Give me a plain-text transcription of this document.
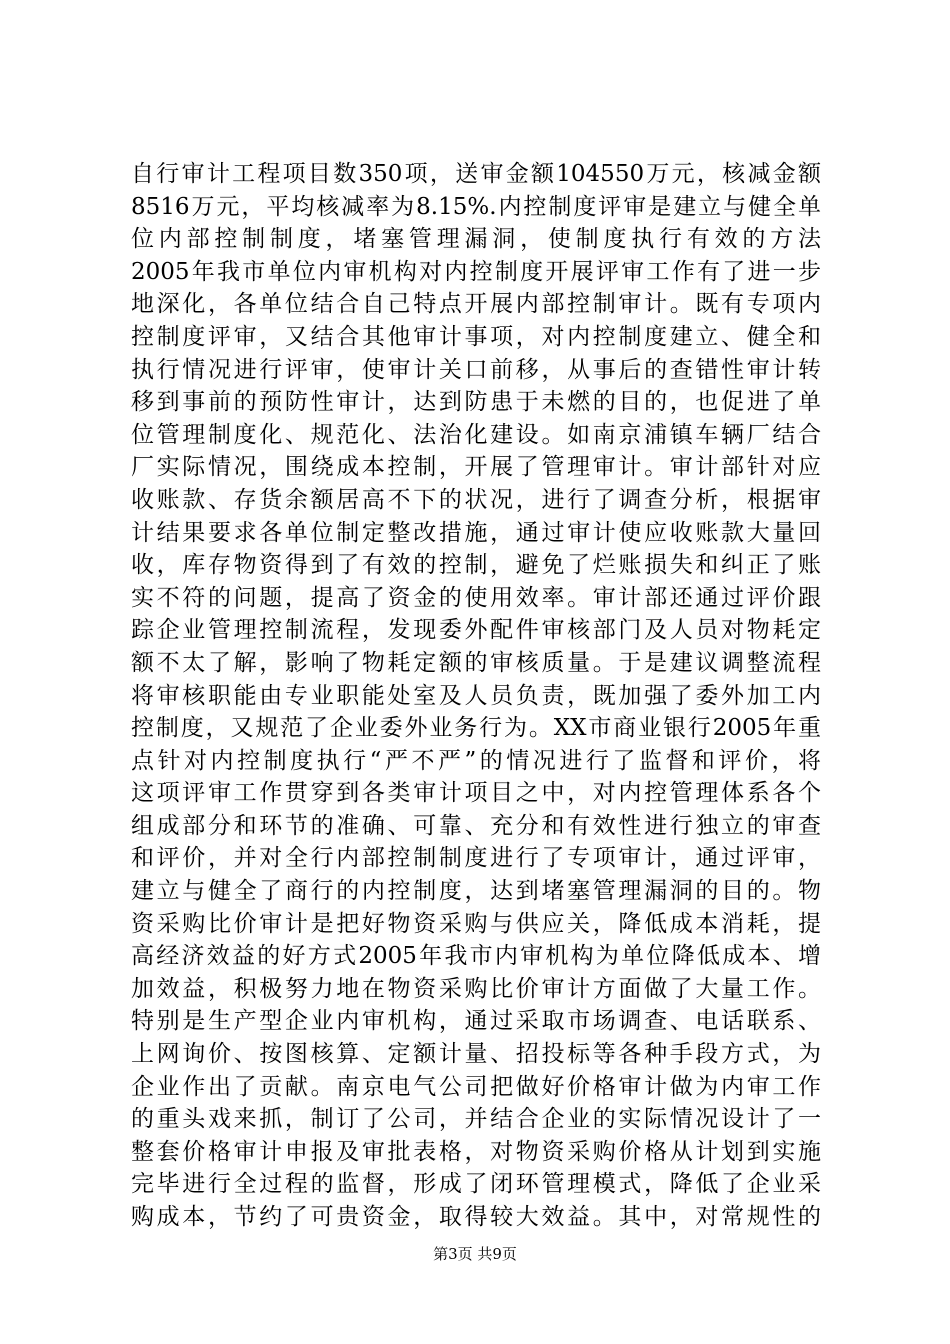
自行审计工程项目数350项，送审金额104550万元，核减金额
8516万元，平均核减率为8.15%.内控制度评审是建立与健全单
位内部控制制度，堵塞管理漏洞，使制度执行有效的方法
2005年我市单位内审机构对内控制度开展评审工作有了进一步
地深化，各单位结合自己特点开展内部控制审计。既有专项内
控制度评审，又结合其他审计事项，对内控制度建立、健全和
执行情况进行评审，使审计关口前移，从事后的查错性审计转
移到事前的预防性审计，达到防患于未燃的目的，也促进了单
位管理制度化、规范化、法治化建设。如南京浦镇车辆厂结合
厂实际情况，围绕成本控制，开展了管理审计。审计部针对应
收账款、存货余额居高不下的状况，进行了调查分析，根据审
计结果要求各单位制定整改措施，通过审计使应收账款大量回
收，库存物资得到了有效的控制，避免了烂账损失和纠正了账
实不符的问题，提高了资金的使用效率。审计部还通过评价跟
踪企业管理控制流程，发现委外配件审核部门及人员对物耗定
额不太了解，影响了物耗定额的审核质量。于是建议调整流程
将审核职能由专业职能处室及人员负责，既加强了委外加工内
控制度，又规范了企业委外业务行为。XX市商业银行2005年重
点针对内控制度执行“严不严”的情况进行了监督和评价，将
这项评审工作贯穿到各类审计项目之中，对内控管理体系各个
组成部分和环节的准确、可靠、充分和有效性进行独立的审查
和评价，并对全行内部控制制度进行了专项审计，通过评审，
建立与健全了商行的内控制度，达到堵塞管理漏洞的目的。物
资采购比价审计是把好物资采购与供应关，降低成本消耗，提
高经济效益的好方式2005年我市内审机构为单位降低成本、增
加效益，积极努力地在物资采购比价审计方面做了大量工作。
特别是生产型企业内审机构，通过采取市场调查、电话联系、
上网询价、按图核算、定额计量、招投标等各种手段方式，为
企业作出了贡献。南京电气公司把做好价格审计做为内审工作
的重头戏来抓，制订了公司，并结合企业的实际情况设计了一
整套价格审计申报及审批表格，对物资采购价格从计划到实施
完毕进行全过程的监督，形成了闭环管理模式，降低了企业采
购成本，节约了可贵资金，取得较大效益。其中，对常规性的
第3页 共9页
